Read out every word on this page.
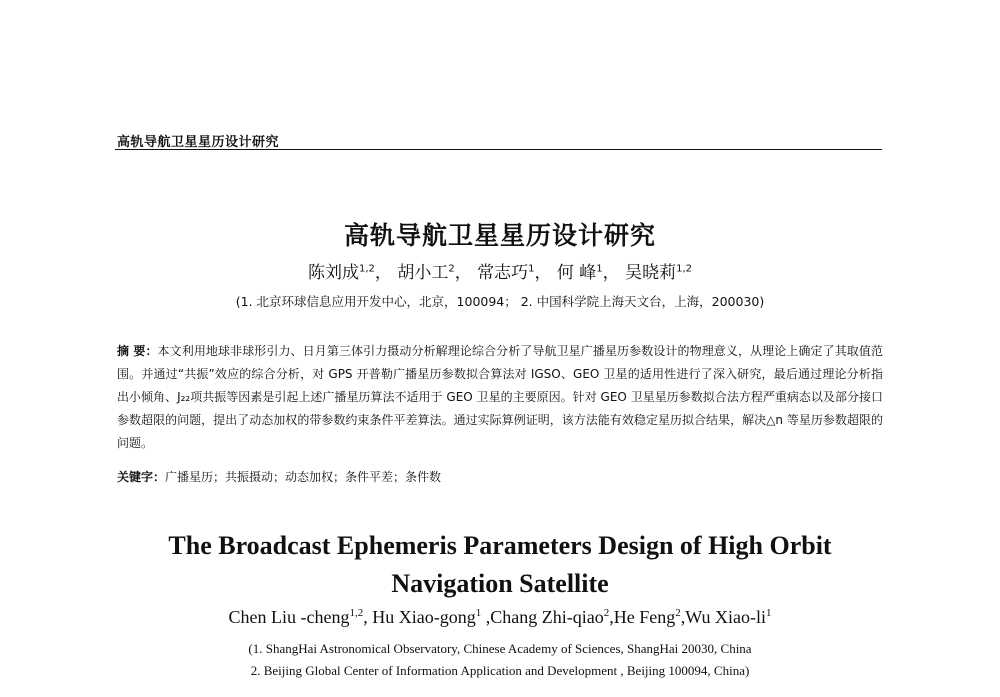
高轨导航卫星星历设计研究
高轨导航卫星星历设计研究
陈刘成$^{1,2}$， 胡小工$^2$， 常志巧$^1$， 何 峰$^1$， 吴晓莉$^{1,2}$
(1. 北京环球信息应用开发中心，北京，100094； 2. 中国科学院上海天文台，上海，200030)
摘 要：本文利用地球非球形引力、日月第三体引力摄动分析解理论综合分析了导航卫星广播星历参数设计的物理意义，从理论上确定了其取值范围。并通过“共振”效应的综合分析，对 GPS 开普勒广播星历参数拟合算法对 IGSO、GEO 卫星的适用性进行了深入研究，最后通过理论分析指出小倾角、J₂₂项共振等因素是引起上述广播星历算法不适用于 GEO 卫星的主要原因。针对 GEO 卫星星历参数拟合法方程严重病态以及部分接口参数超限的问题，提出了动态加权的带参数约束条件平差算法。通过实际算例证明，该方法能有效稳定星历拟合结果，解决△n 等星历参数超限的问题。
关键字：广播星历；共振摄动；动态加权；条件平差；条件数
The Broadcast Ephemeris Parameters Design of High Orbit
Navigation Satellite
Chen Liu -cheng$^{1,2}$, Hu Xiao-gong$^1$ ,Chang Zhi-qiao$^2$,He Feng$^2$,Wu Xiao-$li^1$
(1. ShangHai Astronomical Observatory, Chinese Academy of Sciences, ShangHai 20030, China
2. Beijing Global Center of Information Application and Development , Beijing 100094, China)
